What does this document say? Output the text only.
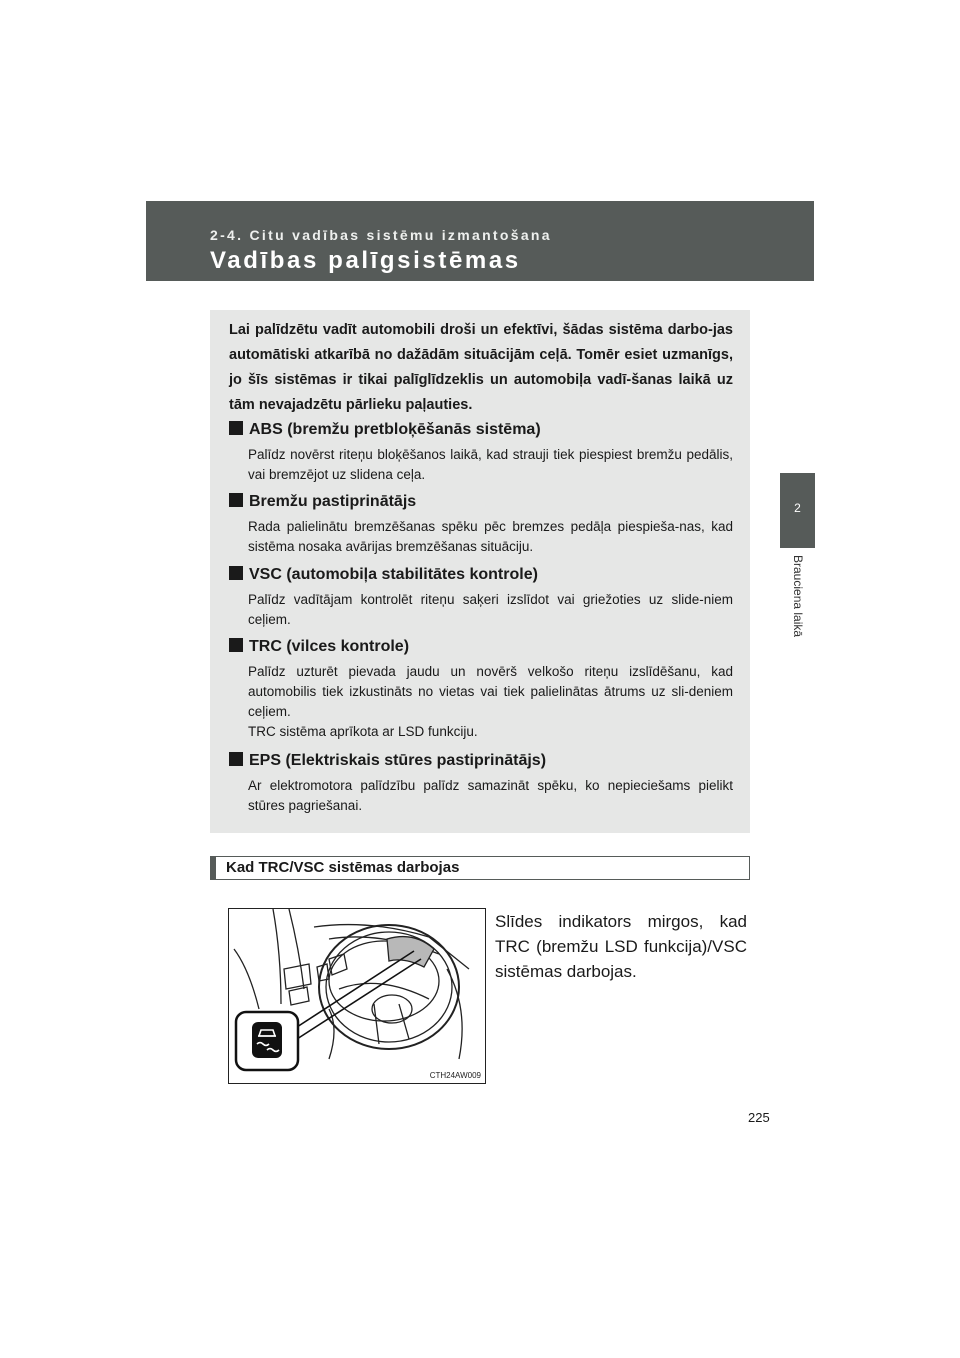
2-4. Citu vadības sistēmu izmantošana
Vadības palīgsistēmas
2
Braucienа laikā
Lai palīdzētu vadīt automobili droši un efektīvi, šādas sistēma darbo-jas automātiski atkarībā no dažādām situācijām ceļā. Tomēr esiet uzmanīgs, jo šīs sistēmas ir tikai palīglīdzeklis un automobiļa vadī-šanas laikā uz tām nevajadzētu pārlieku paļauties.
ABS (bremžu pretbloķēšanās sistēma)

Palīdz novērst riteņu bloķēšanos laikā, kad strauji tiek piespiest bremžu pedālis, vai bremzējot uz slidena ceļa.

Bremžu pastiprinātājs

Rada palielinātu bremzēšanas spēku pēc bremzes pedāļa piespieša-nas, kad sistēma nosaka avārijas bremzēšanas situāciju.

VSC (automobiļa stabilitātes kontrole)

Palīdz vadītājam kontrolēt riteņu saķeri izslīdot vai griežoties uz slide-niem ceļiem.

TRC (vilces kontrole)

Palīdz uzturēt pievada jaudu un novērš velkošo riteņu izslīdēšanu, kad automobilis tiek izkustināts no vietas vai tiek palielinātas ātrums uz sli-deniem ceļiem.

TRC sistēma aprīkota ar LSD funkciju.

EPS (Elektriskais stūres pastiprinātājs)

Ar elektromotora palīdzību palīdz samazināt spēku, ko nepieciešams pielikt stūres pagriešanai.

Kad TRC/VSC sistēmas darbojas
CTH24AW009
Slīdes indikators mirgos, kad TRC (bremžu LSD funkcija)/VSC sistēmas darbojas.
225
